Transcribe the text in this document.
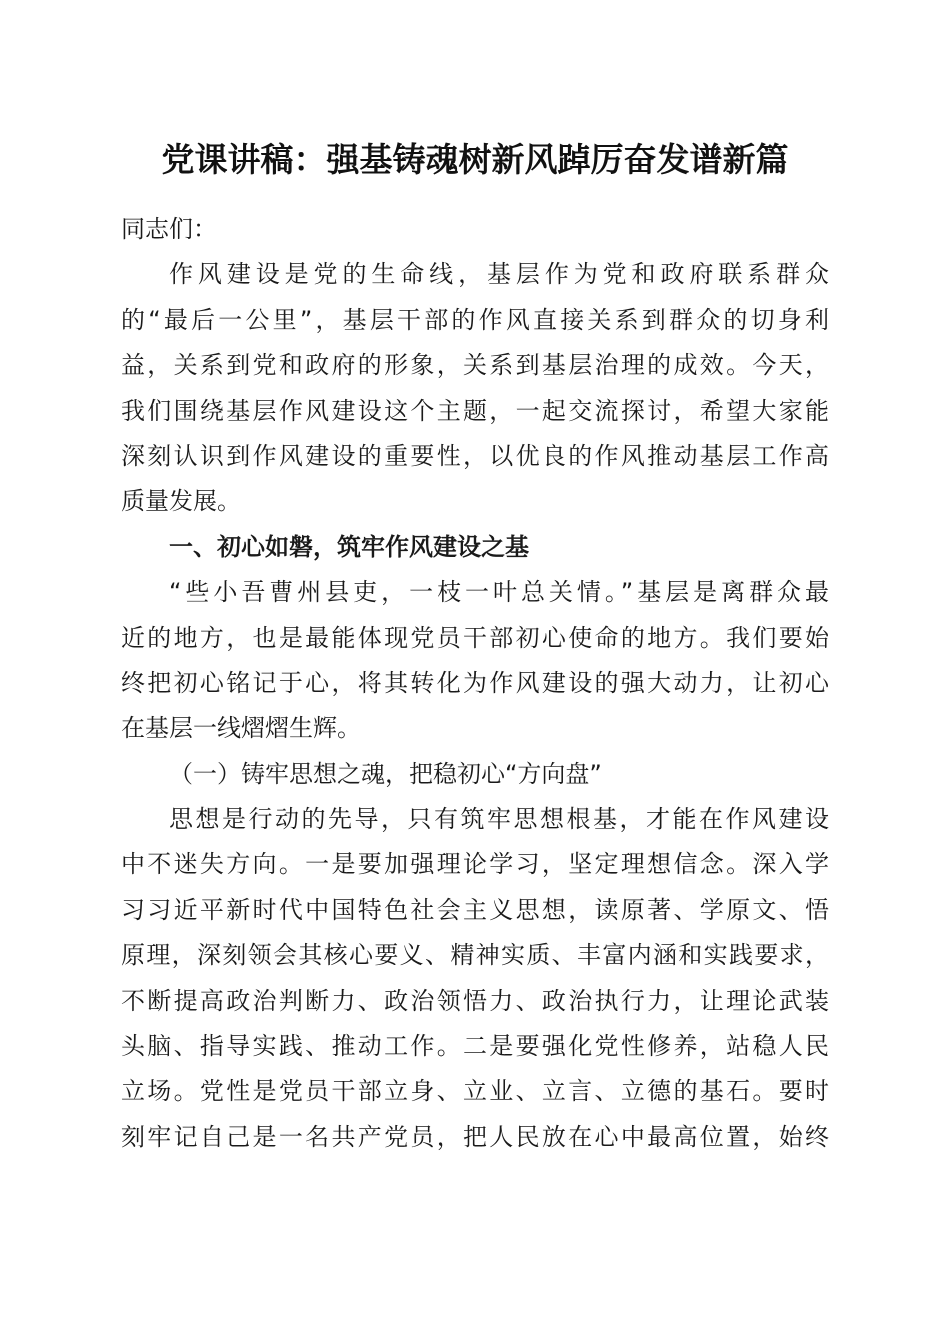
党课讲稿：强基铸魂树新风踔厉奋发谱新篇
同志们：
作风建设是党的生命线，基层作为党和政府联系群众
的“最后一公里”，基层干部的作风直接关系到群众的切身利
益，关系到党和政府的形象，关系到基层治理的成效。今天，
我们围绕基层作风建设这个主题，一起交流探讨，希望大家能
深刻认识到作风建设的重要性，以优良的作风推动基层工作高
质量发展。
一、初心如磐，筑牢作风建设之基
“些小吾曹州县吏，一枝一叶总关情。”基层是离群众最
近的地方，也是最能体现党员干部初心使命的地方。我们要始
终把初心铭记于心，将其转化为作风建设的强大动力，让初心
在基层一线熠熠生辉。
（一）铸牢思想之魂，把稳初心“方向盘”
思想是行动的先导，只有筑牢思想根基，才能在作风建设
中不迷失方向。一是要加强理论学习，坚定理想信念。深入学
习习近平新时代中国特色社会主义思想，读原著、学原文、悟
原理，深刻领会其核心要义、精神实质、丰富内涵和实践要求，
不断提高政治判断力、政治领悟力、政治执行力，让理论武装
头脑、指导实践、推动工作。二是要强化党性修养，站稳人民
立场。党性是党员干部立身、立业、立言、立德的基石。要时
刻牢记自己是一名共产党员，把人民放在心中最高位置，始终
